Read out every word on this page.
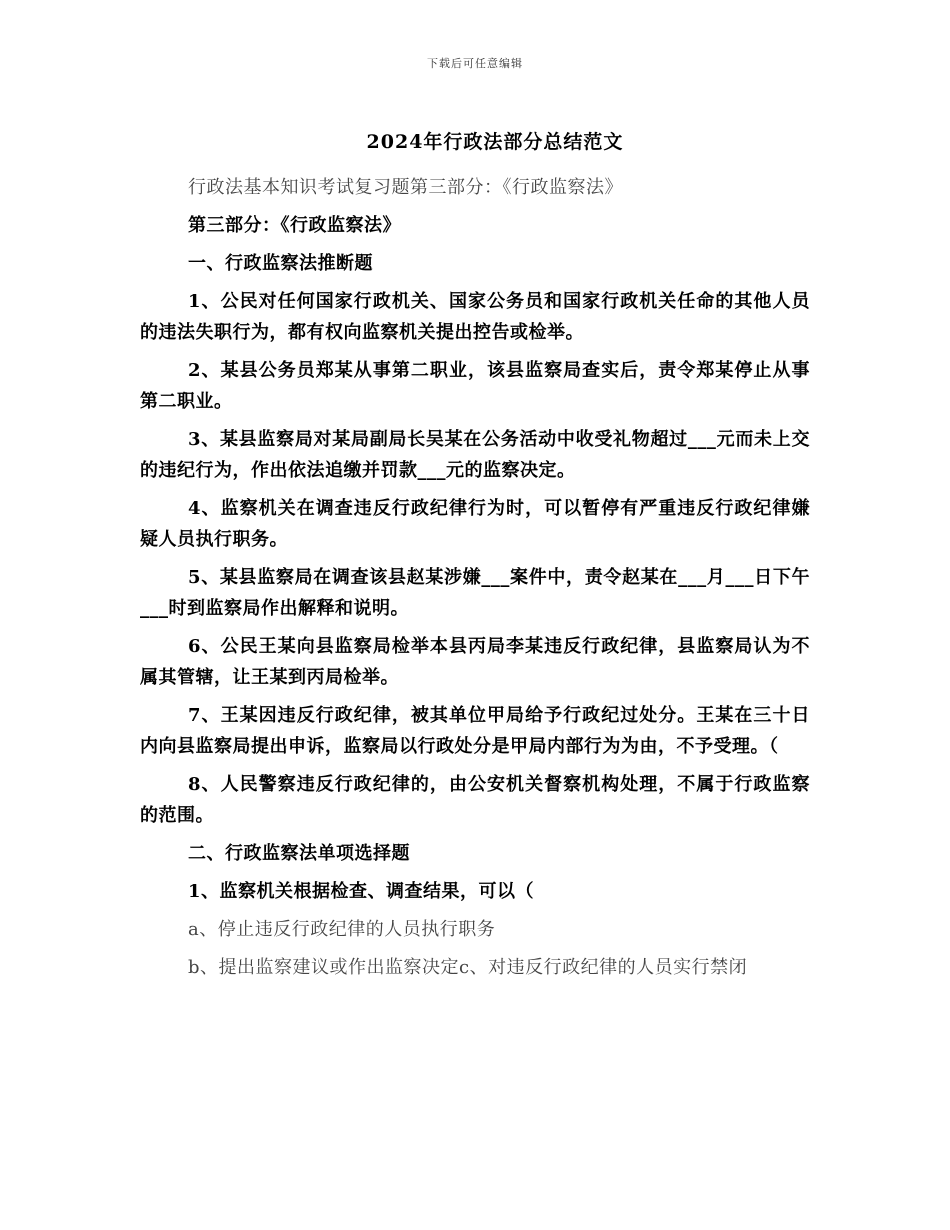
下载后可任意编辑
2024年行政法部分总结范文

行政法基本知识考试复习题第三部分：《行政监察法》

第三部分：《行政监察法》

一、行政监察法推断题

1、公民对任何国家行政机关、国家公务员和国家行政机关任命的其他人员的违法失职行为，都有权向监察机关提出控告或检举。

2、某县公务员郑某从事第二职业，该县监察局查实后，责令郑某停止从事第二职业。

3、某县监察局对某局副局长吴某在公务活动中收受礼物超过___元而未上交的违纪行为，作出依法追缴并罚款___元的监察决定。

4、监察机关在调查违反行政纪律行为时，可以暂停有严重违反行政纪律嫌疑人员执行职务。

5、某县监察局在调查该县赵某涉嫌___案件中，责令赵某在___月___日下午___时到监察局作出解释和说明。

6、公民王某向县监察局检举本县丙局李某违反行政纪律，县监察局认为不属其管辖，让王某到丙局检举。

7、王某因违反行政纪律，被其单位甲局给予行政纪过处分。王某在三十日内向县监察局提出申诉，监察局以行政处分是甲局内部行为为由，不予受理。（

8、人民警察违反行政纪律的，由公安机关督察机构处理，不属于行政监察的范围。

二、行政监察法单项选择题

1、监察机关根据检查、调查结果，可以（

a、停止违反行政纪律的人员执行职务

b、提出监察建议或作出监察决定c、对违反行政纪律的人员实行禁闭
